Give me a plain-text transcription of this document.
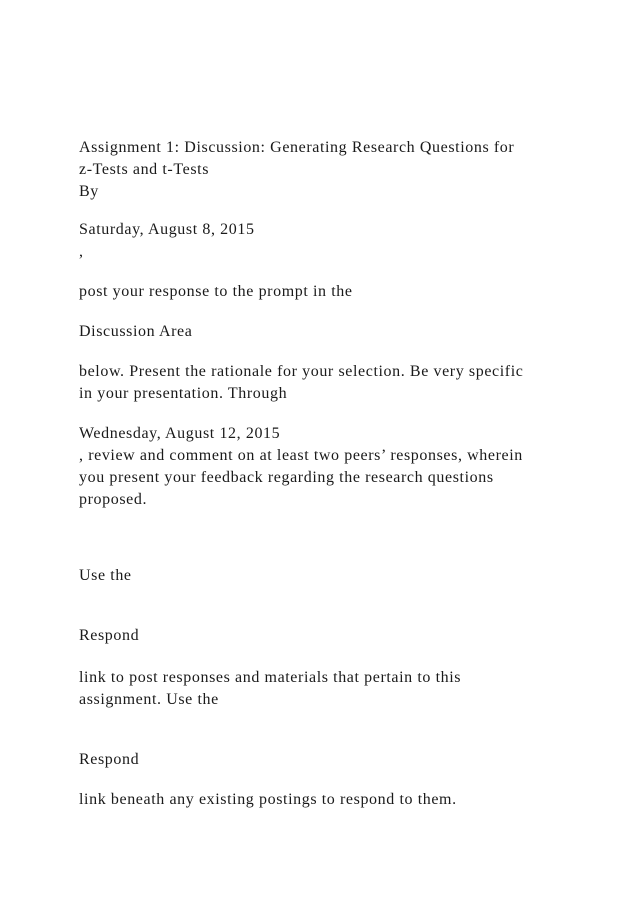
Assignment 1: Discussion: Generating Research Questions for
z-Tests and t-Tests
By
Saturday, August 8, 2015
,
post your response to the prompt in the
Discussion Area
below. Present the rationale for your selection. Be very specific
in your presentation. Through
Wednesday, August 12, 2015
, review and comment on at least two peers’ responses, wherein
you present your feedback regarding the research questions
proposed.
Use the
Respond
link to post responses and materials that pertain to this
assignment. Use the
Respond
link beneath any existing postings to respond to them.
